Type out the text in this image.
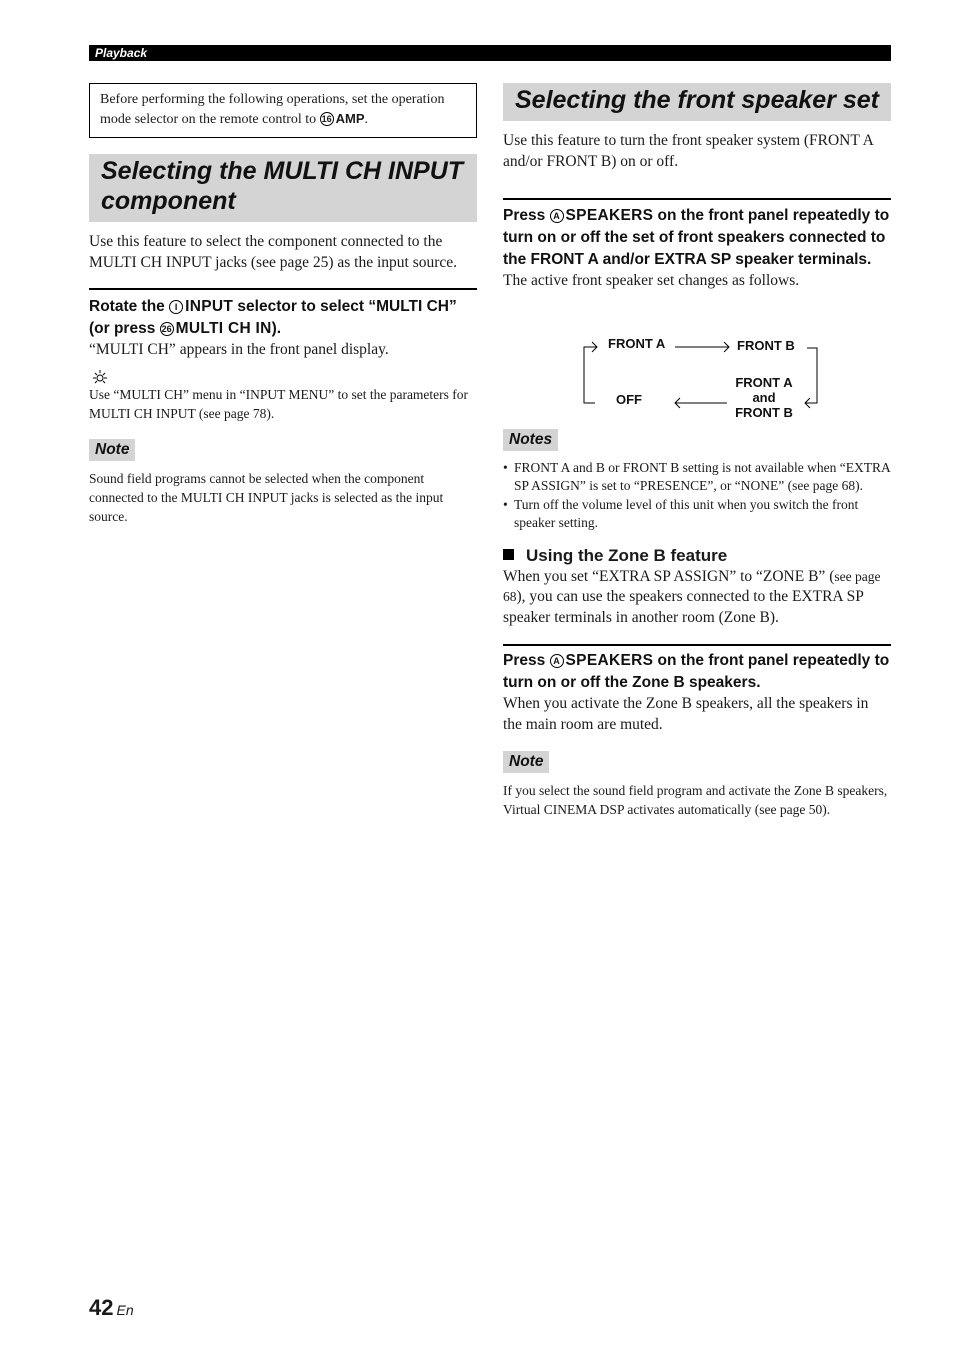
Playback
Before performing the following operations, set the operation mode selector on the remote control to 16 AMP.
Selecting the MULTI CH INPUT component
Use this feature to select the component connected to the MULTI CH INPUT jacks (see page 25) as the input source.
Rotate the I INPUT selector to select “MULTI CH” (or press 26 MULTI CH IN).
“MULTI CH” appears in the front panel display.
Use “MULTI CH” menu in “INPUT MENU” to set the parameters for MULTI CH INPUT (see page 78).
Note
Sound field programs cannot be selected when the component connected to the MULTI CH INPUT jacks is selected as the input source.
Selecting the front speaker set
Use this feature to turn the front speaker system (FRONT A and/or FRONT B) on or off.
Press A SPEAKERS on the front panel repeatedly to turn on or off the set of front speakers connected to the FRONT A and/or EXTRA SP speaker terminals.
The active front speaker set changes as follows.
Notes
• FRONT A and B or FRONT B setting is not available when “EXTRA SP ASSIGN” is set to “PRESENCE”, or “NONE” (see page 68).
• Turn off the volume level of this unit when you switch the front speaker setting.
Using the Zone B feature
When you set “EXTRA SP ASSIGN” to “ZONE B” (see page 68), you can use the speakers connected to the EXTRA SP speaker terminals in another room (Zone B).
Press A SPEAKERS on the front panel repeatedly to turn on or off the Zone B speakers.
When you activate the Zone B speakers, all the speakers in the main room are muted.
Note
If you select the sound field program and activate the Zone B speakers, Virtual CINEMA DSP activates automatically (see page 50).
FRONT A	FRONT B
FRONT A
and
FRONT B
OFF
42 En
